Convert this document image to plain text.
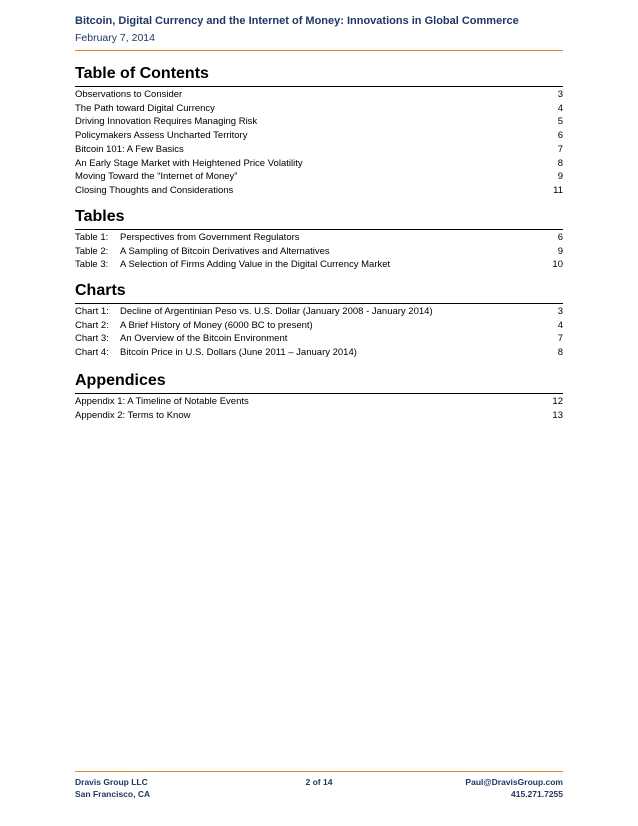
Bitcoin, Digital Currency and the Internet of Money: Innovations in Global Commerce
February 7, 2014
Table of Contents
Observations to Consider	3
The Path toward Digital Currency	4
Driving Innovation Requires Managing Risk	5
Policymakers Assess Uncharted Territory	6
Bitcoin 101: A Few Basics	7
An Early Stage Market with Heightened Price Volatility	8
Moving Toward the “Internet of Money”	9
Closing Thoughts and Considerations	11
Tables
Table 1:	Perspectives from Government Regulators	6
Table 2:	A Sampling of Bitcoin Derivatives and Alternatives	9
Table 3:	A Selection of Firms Adding Value in the Digital Currency Market	10
Charts
Chart 1:	Decline of Argentinian Peso vs. U.S. Dollar (January 2008 - January 2014)	3
Chart 2:	A Brief History of Money (6000 BC to present)	4
Chart 3:	An Overview of the Bitcoin Environment	7
Chart 4:	Bitcoin Price in U.S. Dollars (June 2011 – January 2014)	8
Appendices
Appendix 1: A Timeline of Notable Events	12
Appendix 2: Terms to Know	13
Dravis Group LLC
San Francisco, CA
2 of 14	Paul@DravisGroup.com
415.271.7255
